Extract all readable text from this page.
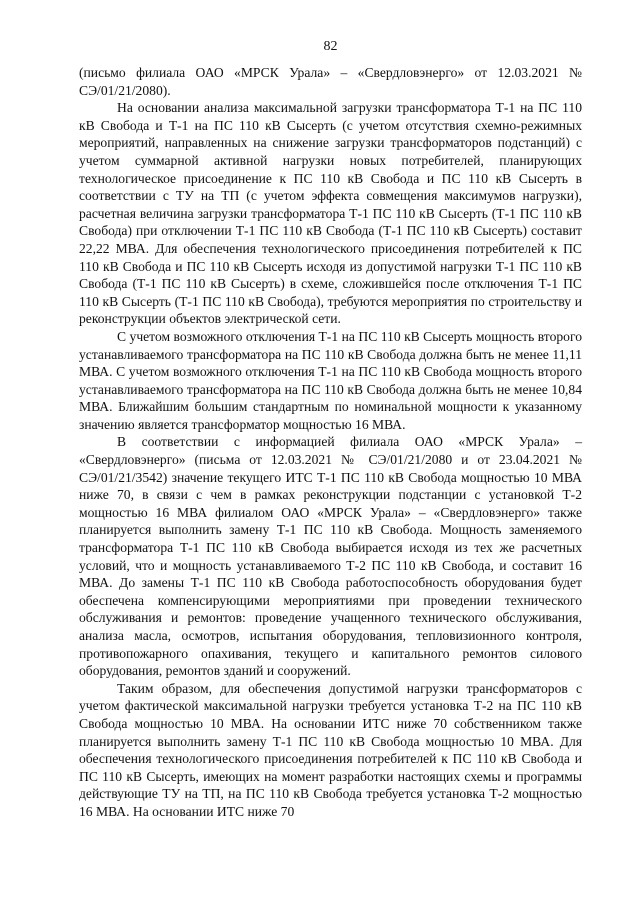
82

(письмо филиала ОАО «МРСК Урала» – «Свердловэнерго» от 12.03.2021 № СЭ/01/21/2080).

На основании анализа максимальной загрузки трансформатора Т-1 на ПС 110 кВ Свобода и Т-1 на ПС 110 кВ Сысерть (с учетом отсутствия схемно-режимных мероприятий, направленных на снижение загрузки трансформаторов подстанций) с учетом суммарной активной нагрузки новых потребителей, планирующих технологическое присоединение к ПС 110 кВ Свобода и ПС 110 кВ Сысерть в соответствии с ТУ на ТП (с учетом эффекта совмещения максимумов нагрузки), расчетная величина загрузки трансформатора Т-1 ПС 110 кВ Сысерть (Т-1 ПС 110 кВ Свобода) при отключении Т-1 ПС 110 кВ Свобода (Т-1 ПС 110 кВ Сысерть) составит 22,22 МВА. Для обеспечения технологического присоединения потребителей к ПС 110 кВ Свобода и ПС 110 кВ Сысерть исходя из допустимой нагрузки Т-1 ПС 110 кВ Свобода (Т-1 ПС 110 кВ Сысерть) в схеме, сложившейся после отключения Т-1 ПС 110 кВ Сысерть (Т-1 ПС 110 кВ Свобода), требуются мероприятия по строительству и реконструкции объектов электрической сети.

С учетом возможного отключения Т-1 на ПС 110 кВ Сысерть мощность второго устанавливаемого трансформатора на ПС 110 кВ Свобода должна быть не менее 11,11 МВА. С учетом возможного отключения Т-1 на ПС 110 кВ Свобода мощность второго устанавливаемого трансформатора на ПС 110 кВ Свобода должна быть не менее 10,84 МВА. Ближайшим большим стандартным по номинальной мощности к указанному значению является трансформатор мощностью 16 МВА.

В соответствии с информацией филиала ОАО «МРСК Урала» – «Свердловэнерго» (письма от 12.03.2021 № СЭ/01/21/2080 и от 23.04.2021 № СЭ/01/21/3542) значение текущего ИТС Т-1 ПС 110 кВ Свобода мощностью 10 МВА ниже 70, в связи с чем в рамках реконструкции подстанции с установкой Т-2 мощностью 16 МВА филиалом ОАО «МРСК Урала» – «Свердловэнерго» также планируется выполнить замену Т-1 ПС 110 кВ Свобода. Мощность заменяемого трансформатора Т-1 ПС 110 кВ Свобода выбирается исходя из тех же расчетных условий, что и мощность устанавливаемого Т-2 ПС 110 кВ Свобода, и составит 16 МВА. До замены Т-1 ПС 110 кВ Свобода работоспособность оборудования будет обеспечена компенсирующими мероприятиями при проведении технического обслуживания и ремонтов: проведение учащенного технического обслуживания, анализа масла, осмотров, испытания оборудования, тепловизионного контроля, противопожарного опахивания, текущего и капитального ремонтов силового оборудования, ремонтов зданий и сооружений.

Таким образом, для обеспечения допустимой нагрузки трансформаторов с учетом фактической максимальной нагрузки требуется установка Т-2 на ПС 110 кВ Свобода мощностью 10 МВА. На основании ИТС ниже 70 собственником также планируется выполнить замену Т-1 ПС 110 кВ Свобода мощностью 10 МВА. Для обеспечения технологического присоединения потребителей к ПС 110 кВ Свобода и ПС 110 кВ Сысерть, имеющих на момент разработки настоящих схемы и программы действующие ТУ на ТП, на ПС 110 кВ Свобода требуется установка Т-2 мощностью 16 МВА. На основании ИТС ниже 70
